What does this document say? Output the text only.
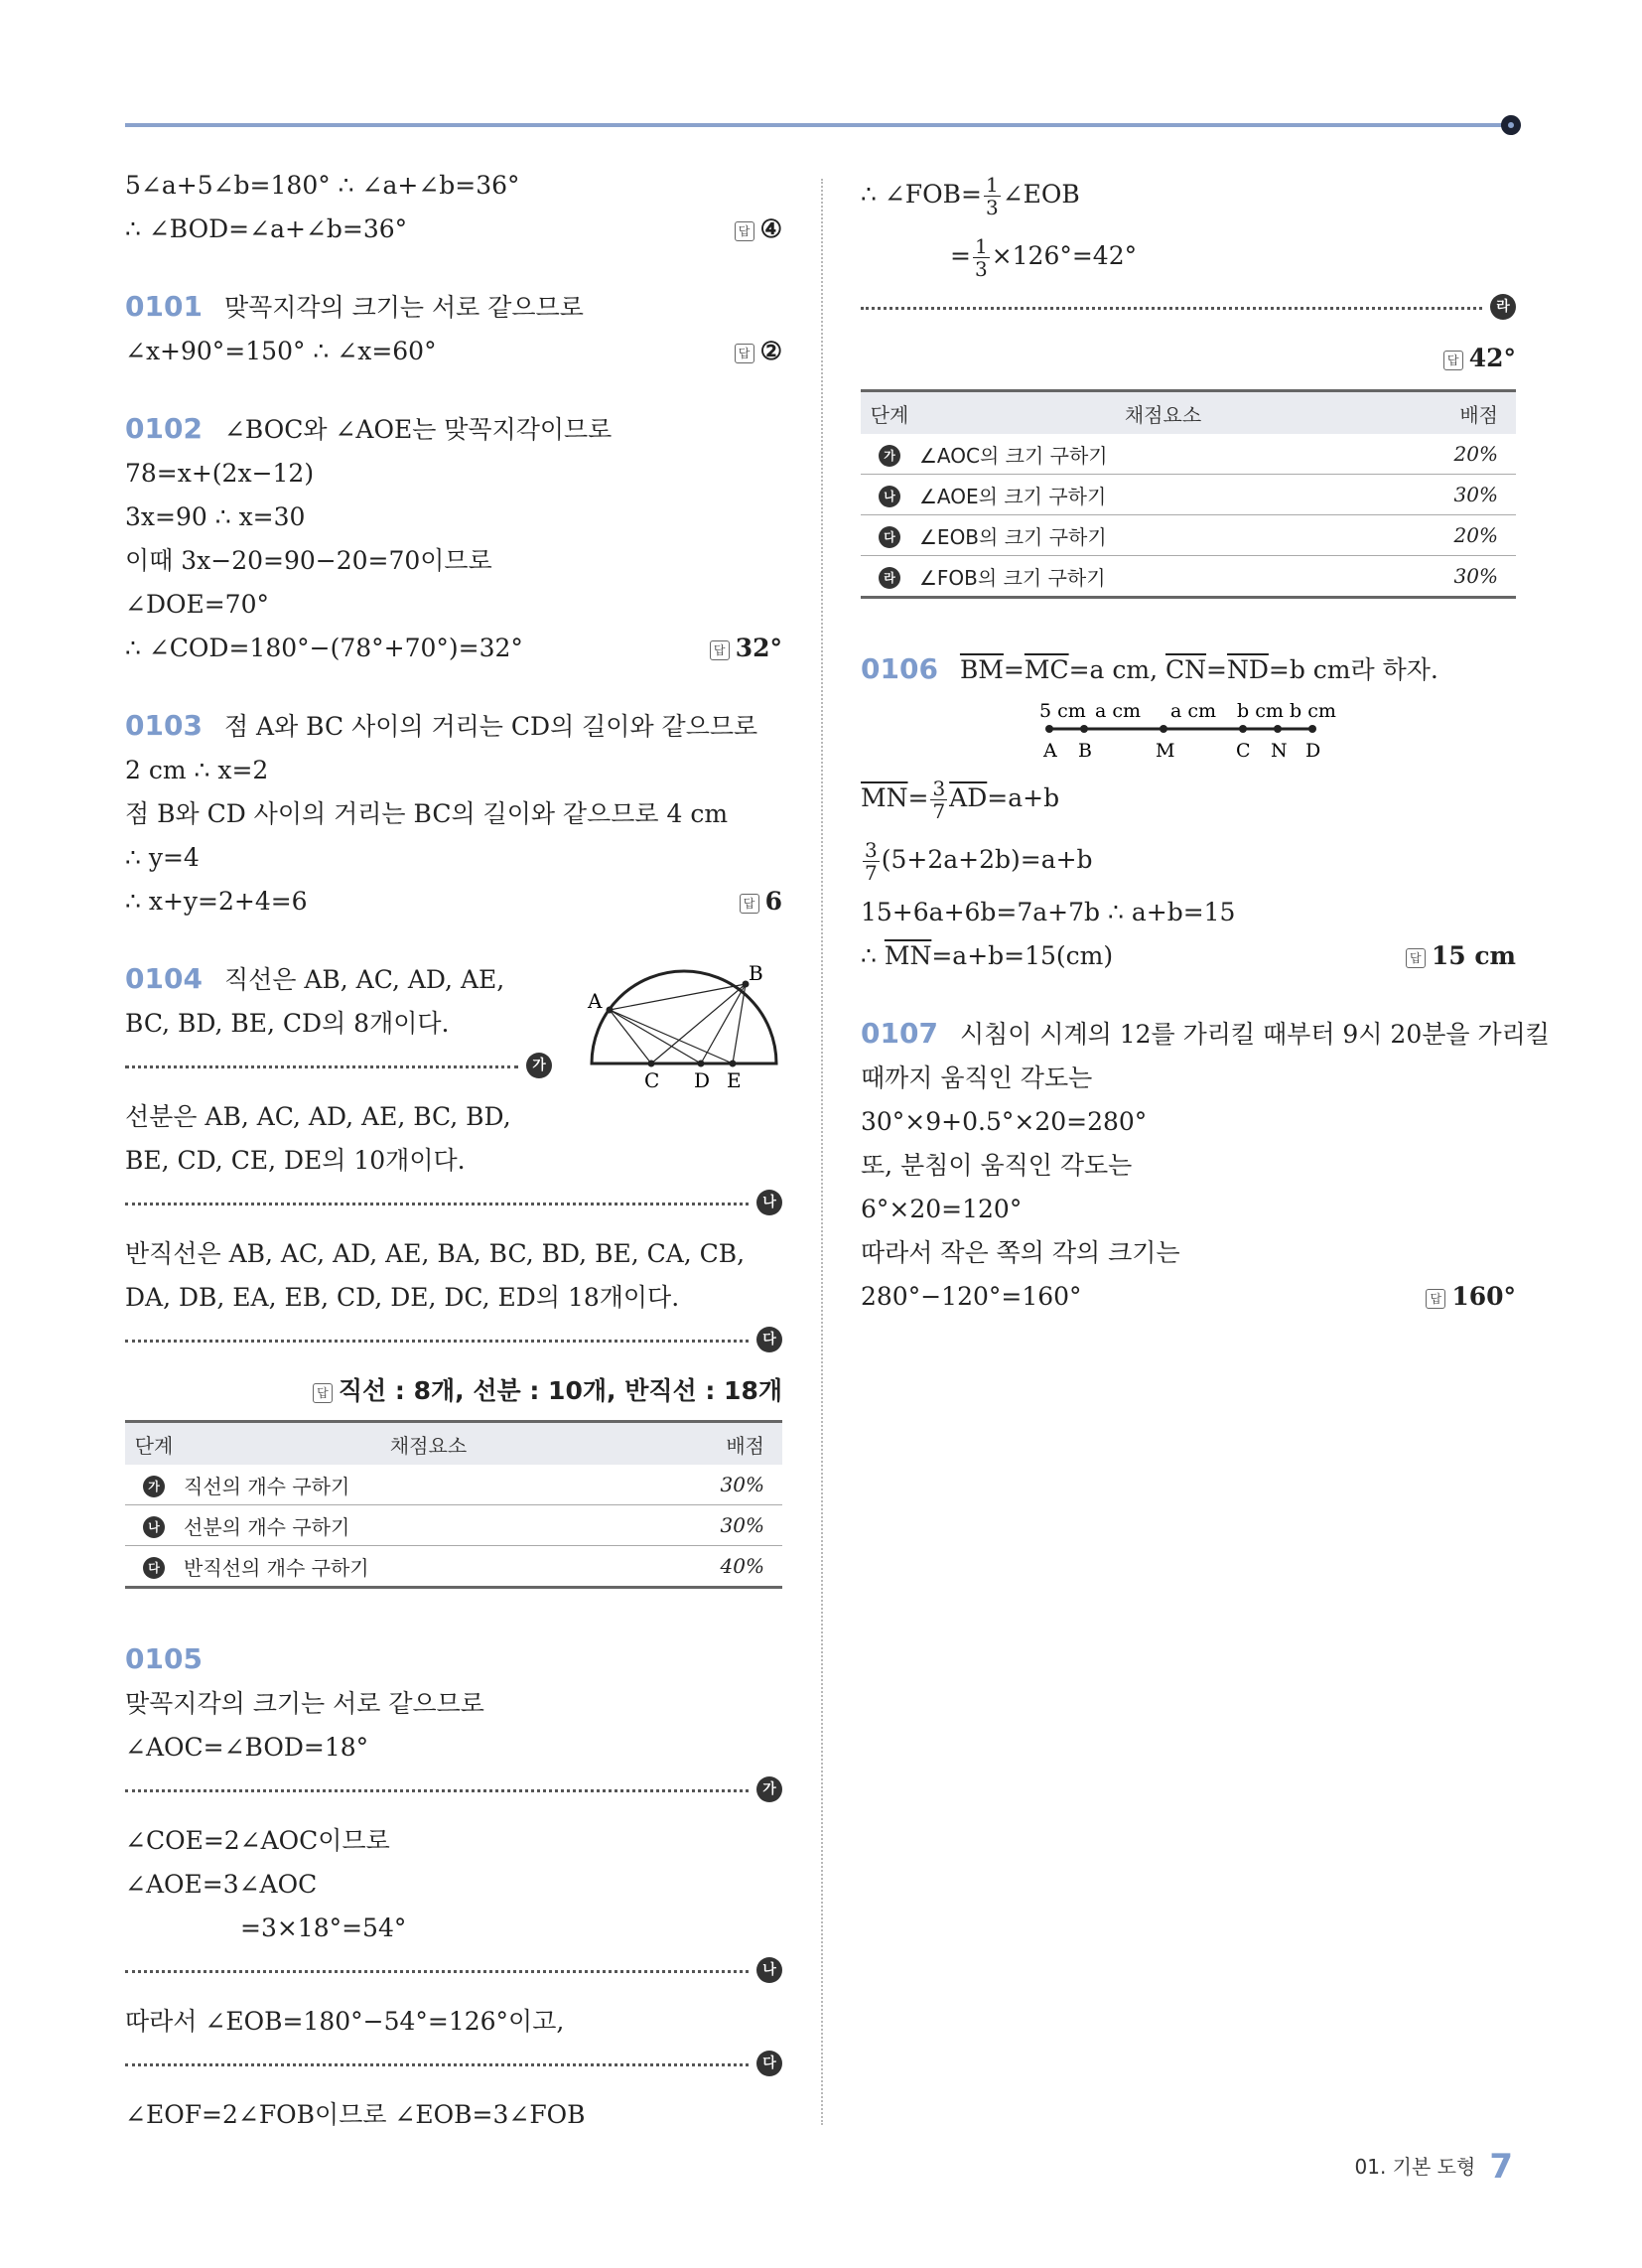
5∠a+5∠b=180° ∴ ∠a+∠b=36°
∴ ∠BOD=∠a+∠b=36°	답 ④
0101 맞꼭지각의 크기는 서로 같으므로
∠x+90°=150° ∴ ∠x=60°	답 ②
0102 ∠BOC와 ∠AOE는 맞꼭지각이므로
78=x+(2x−12)
3x=90 ∴ x=30
이때 3x−20=90−20=70이므로
∠DOE=70°
∴ ∠COD=180°−(78°+70°)=32°	답 32°
0103 점 A와 BC 사이의 거리는 CD의 길이와 같으므로
2 cm ∴ x=2
점 B와 CD 사이의 거리는 BC의 길이와 같으므로 4 cm
∴ y=4
∴ x+y=2+4=6	답 6
0104 직선은 AB, AC, AD, AE,
BC, BD, BE, CD의 8개이다.
가
A
B
C D E
선분은 AB, AC, AD, AE, BC, BD,
BE, CD, CE, DE의 10개이다.
나
반직선은 AB, AC, AD, AE, BA, BC, BD, BE, CA, CB,
DA, DB, EA, EB, CD, DE, DC, ED의 18개이다.
다
답 직선 : 8개, 선분 : 10개, 반직선 : 18개
단계	채점요소	배점
가	직선의 개수 구하기	30%
나	선분의 개수 구하기	30%
다	반직선의 개수 구하기	40%
0105
맞꼭지각의 크기는 서로 같으므로
∠AOC=∠BOD=18°
가
∠COE=2∠AOC이므로
∠AOE=3∠AOC
=3×18°=54°
나
따라서 ∠EOB=180°−54°=126°이고,
다
∠EOF=2∠FOB이므로 ∠EOB=3∠FOB
∴ ∠FOB= $\frac{1}{3}$ ∠EOB
= $\frac{1}{3} \times 126^\circ=42^\circ$
라
답 42°
단계	채점요소	배점
가	∠AOC의 크기 구하기	20%
나	∠AOE의 크기 구하기	30%
다	∠EOB의 크기 구하기	20%
라	∠FOB의 크기 구하기	30%
0106 $\overline{BM}=\overline{MC}=a$ cm, $\overline{CN}=\overline{ND}=b$ cm라 하자.
5 cm a cm a cm b cm b cm
A B	M	C N D
$\overline{MN}= \frac{3}{7} \overline{AD}=a+b$
$\frac{3}{7} (5+2a+2b)=a+b$
15+6a+6b=7a+7b ∴ a+b=15
∴ $\overline{MN}=a+b=15(cm)$	답 15 cm
0107 시침이 시계의 12를 가리킬 때부터 9시 20분을 가리킬
때까지 움직인 각도는
30°×9+0.5°×20=280°
또, 분침이 움직인 각도는
6°×20=120°
따라서 작은 쪽의 각의 크기는
280°−120°=160°	답 160°
01. 기본 도형 7
